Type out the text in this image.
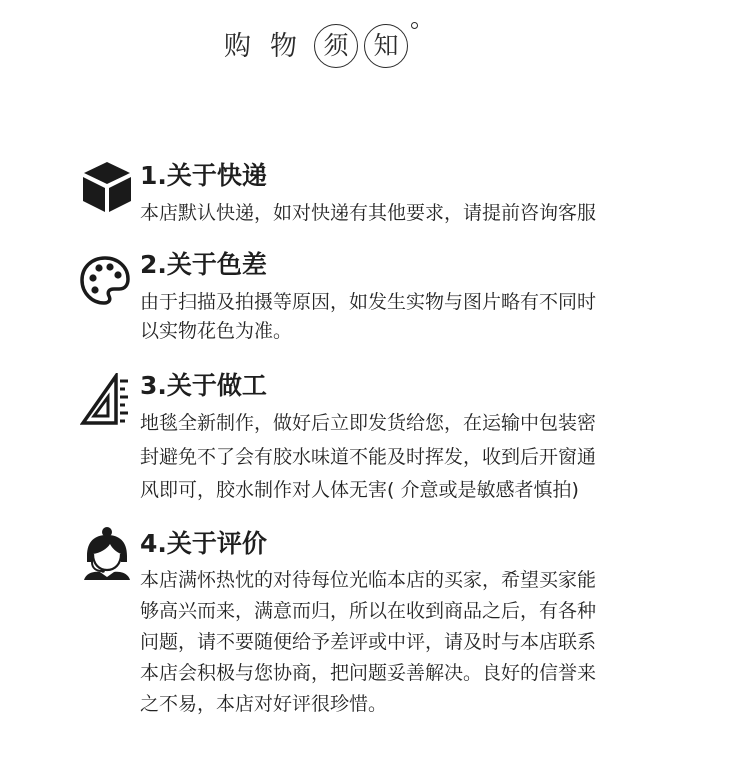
购 物	须 知
1.关于快递
本店默认快递，如对快递有其他要求，请提前咨询客服
2.关于色差
由于扫描及拍摄等原因，如发生实物与图片略有不同时
以实物花色为准。
3.关于做工
地毯全新制作，做好后立即发货给您，在运输中包装密
封避免不了会有胶水味道不能及时挥发，收到后开窗通
风即可，胶水制作对人体无害( 介意或是敏感者慎拍)
4.关于评价
本店满怀热忱的对待每位光临本店的买家，希望买家能
够高兴而来，满意而归，所以在收到商品之后，有各种
问题，请不要随便给予差评或中评，请及时与本店联系
本店会积极与您协商，把问题妥善解决。良好的信誉来
之不易，本店对好评很珍惜。
